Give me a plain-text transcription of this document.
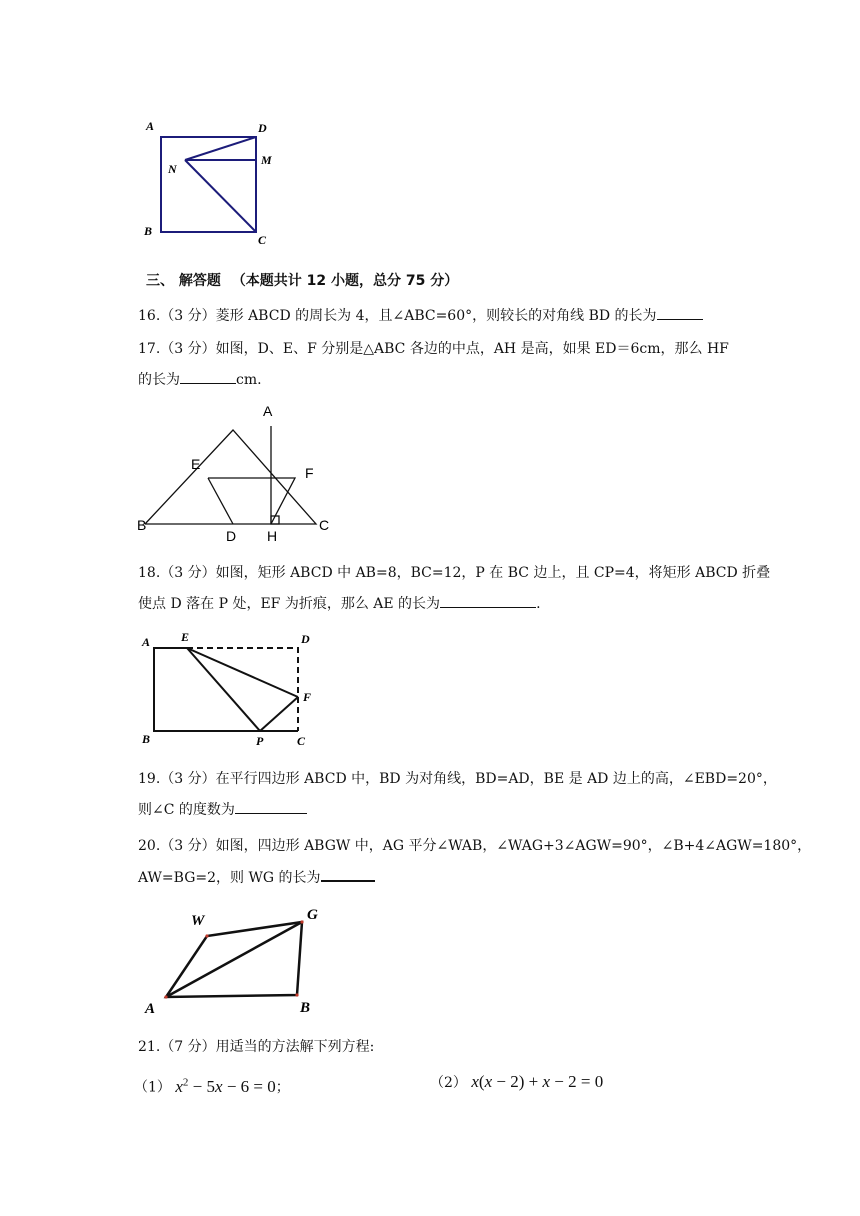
A	D
M
N
B
C
三、 解答题 （本题共计 12 小题，总分 75 分）
16.（3 分）菱形 ABCD 的周长为 4，且∠ABC=60°，则较长的对角线 BD 的长为
17.（3 分）如图，D、E、F 分别是△ABC 各边的中点，AH 是高，如果 ED＝6cm，那么 HF
的长为	cm.
A
E
F
B	C
D H
18.（3 分）如图，矩形 ABCD 中 AB=8，BC=12，P 在 BC 边上，且 CP=4，将矩形 ABCD 折叠
使点 D 落在 P 处，EF 为折痕，那么 AE 的长为	.
A	E	D
F
B	P	C
19.（3 分）在平行四边形 ABCD 中，BD 为对角线，BD=AD，BE 是 AD 边上的高，∠EBD=20°，
则∠C 的度数为
20.（3 分）如图，四边形 ABGW 中，AG 平分∠WAB，∠WAG+3∠AGW=90°，∠B+4∠AGW=180°，
AW=BG=2，则 WG 的长为
W	G
A	B
21.（7 分）用适当的方法解下列方程:
（1） $x^2 - 5x - 6 = 0$；	（2） x(x − 2) + x − 2 = 0
